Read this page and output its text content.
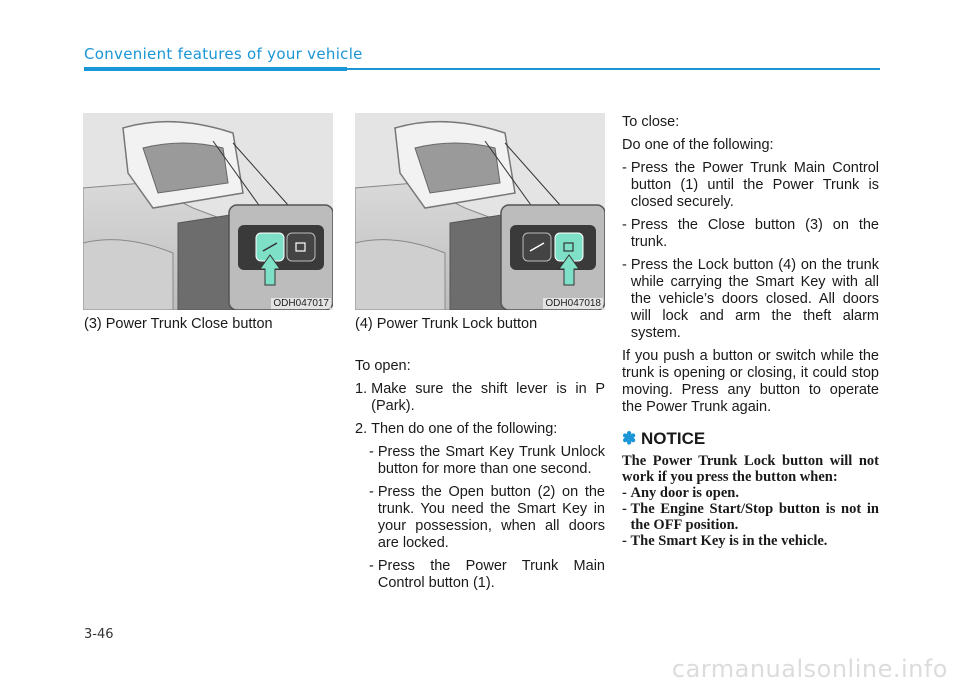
Convenient features of your vehicle
ODH047017
(3) Power Trunk Close button
ODH047018
(4) Power Trunk Lock button

To open:

1. Make sure the shift lever is in P (Park).
2. Then do one of the following:
- Press the Smart Key Trunk Unlock button for more than one second.
- Press the Open button (2) on the trunk. You need the Smart Key in your possession, when all doors are locked.
- Press the Power Trunk Main Control button (1).

To close:

Do one of the following:

- Press the Power Trunk Main Control button (1) until the Power Trunk is closed securely.
- Press the Close button (3) on the trunk.
- Press the Lock button (4) on the trunk while carrying the Smart Key with all the vehicle’s doors closed. All doors will lock and arm the theft alarm system.

If you push a button or switch while the trunk is opening or closing, it could stop moving. Press any button to operate the Power Trunk again.

✽ NOTICE

The Power Trunk Lock button will not work if you press the button when:

- Any door is open.
- The Engine Start/Stop button is not in the OFF position.
- The Smart Key is in the vehicle.
3-46
carmanualsonline.info
